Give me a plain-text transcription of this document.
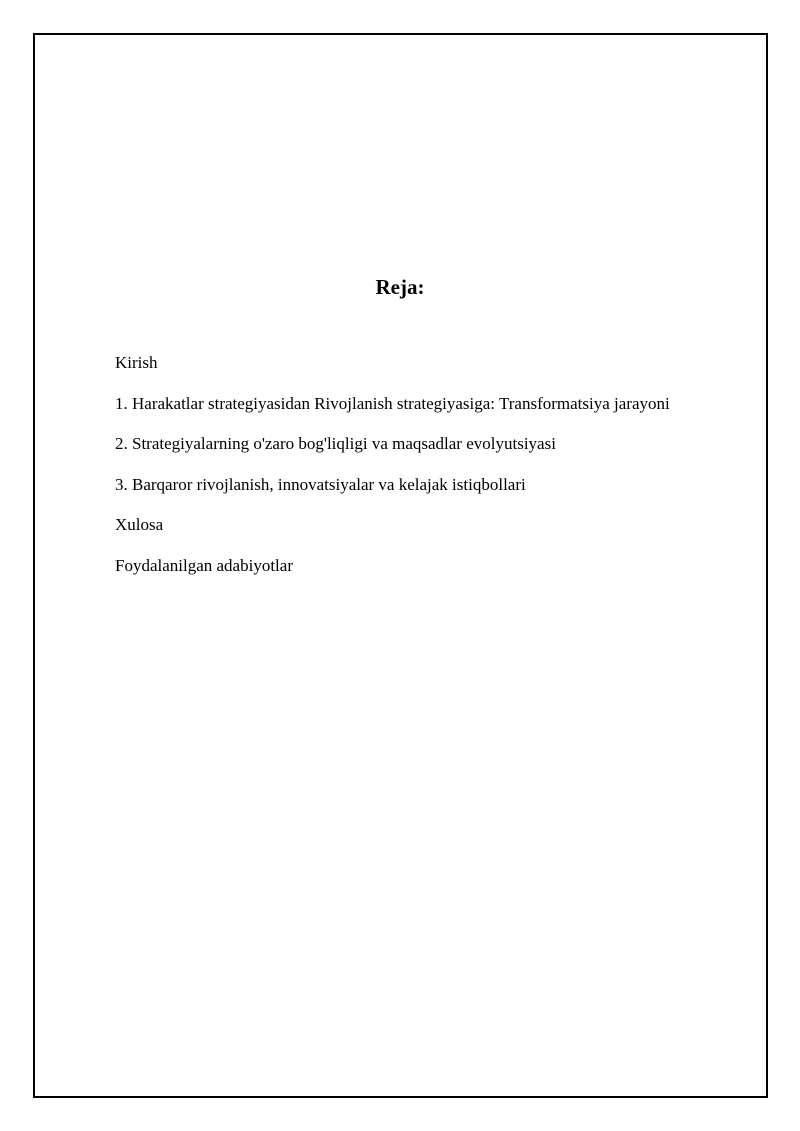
Reja:
Kirish
1. Harakatlar strategiyasidan Rivojlanish strategiyasiga: Transformatsiya jarayoni
2. Strategiyalarning o'zaro bog'liqligi va maqsadlar evolyutsiyasi
3. Barqaror rivojlanish, innovatsiyalar va kelajak istiqbollari
Xulosa
Foydalanilgan adabiyotlar
